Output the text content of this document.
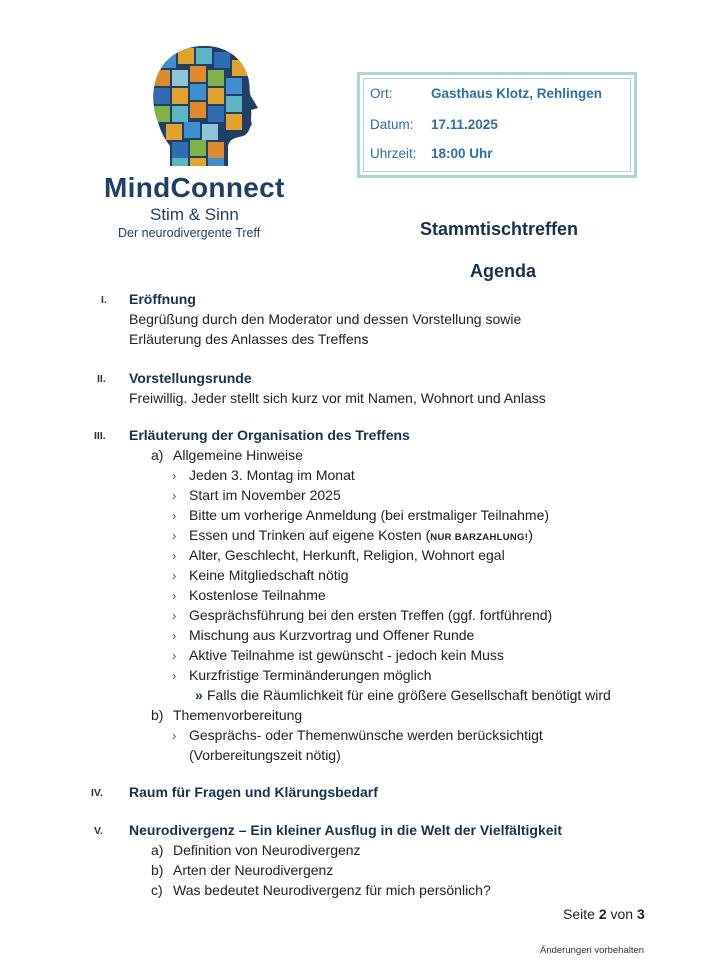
MindConnect
Stim & Sinn
Der neurodivergente Treff
Ort:	Gasthaus Klotz, Rehlingen
Datum: 17.11.2025
Uhrzeit: 18:00 Uhr
Stammtischtreffen
Agenda
I. Eröffnung
Begrüßung durch den Moderator und dessen Vorstellung sowie
Erläuterung des Anlasses des Treffens
II. Vorstellungsrunde
Freiwillig. Jeder stellt sich kurz vor mit Namen, Wohnort und Anlass
III. Erläuterung der Organisation des Treffens
a) Allgemeine Hinweise
› Jeden 3. Montag im Monat
› Start im November 2025
› Bitte um vorherige Anmeldung (bei erstmaliger Teilnahme)
› Essen und Trinken auf eigene Kosten (NUR BARZAHLUNG!)
› Alter, Geschlecht, Herkunft, Religion, Wohnort egal
› Keine Mitgliedschaft nötig
› Kostenlose Teilnahme
› Gesprächsführung bei den ersten Treffen (ggf. fortführend)
› Mischung aus Kurzvortrag und Offener Runde
› Aktive Teilnahme ist gewünscht - jedoch kein Muss
› Kurzfristige Terminänderungen möglich
» Falls die Räumlichkeit für eine größere Gesellschaft benötigt wird
b) Themenvorbereitung
› Gesprächs- oder Themenwünsche werden berücksichtigt
(Vorbereitungszeit nötig)
IV. Raum für Fragen und Klärungsbedarf
V. Neurodivergenz – Ein kleiner Ausflug in die Welt der Vielfältigkeit
a) Definition von Neurodivergenz
b) Arten der Neurodivergenz
c) Was bedeutet Neurodivergenz für mich persönlich?
Seite 2 von 3
Änderungen vorbehalten
